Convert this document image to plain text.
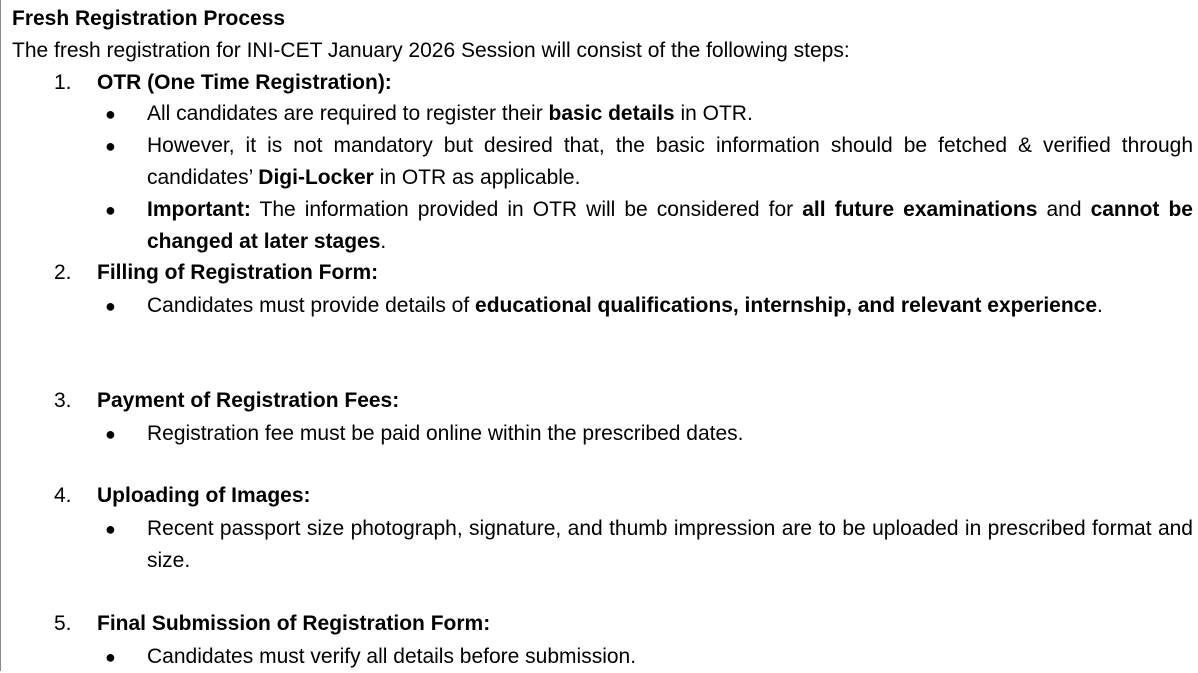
Fresh Registration Process
The fresh registration for INI-CET January 2026 Session will consist of the following steps:
1.	OTR (One Time Registration):
●	All candidates are required to register their basic details in OTR.
●	However, it is not mandatory but desired that, the basic information should be fetched & verified through candidates’ Digi-Locker in OTR as applicable.
●	Important: The information provided in OTR will be considered for all future examinations and cannot be changed at later stages.
2.	Filling of Registration Form:
●	Candidates must provide details of educational qualifications, internship, and relevant experience.
3.	Payment of Registration Fees:
●	Registration fee must be paid online within the prescribed dates.
4.	Uploading of Images:
●	Recent passport size photograph, signature, and thumb impression are to be uploaded in prescribed format and size.
5.	Final Submission of Registration Form:
●	Candidates must verify all details before submission.
